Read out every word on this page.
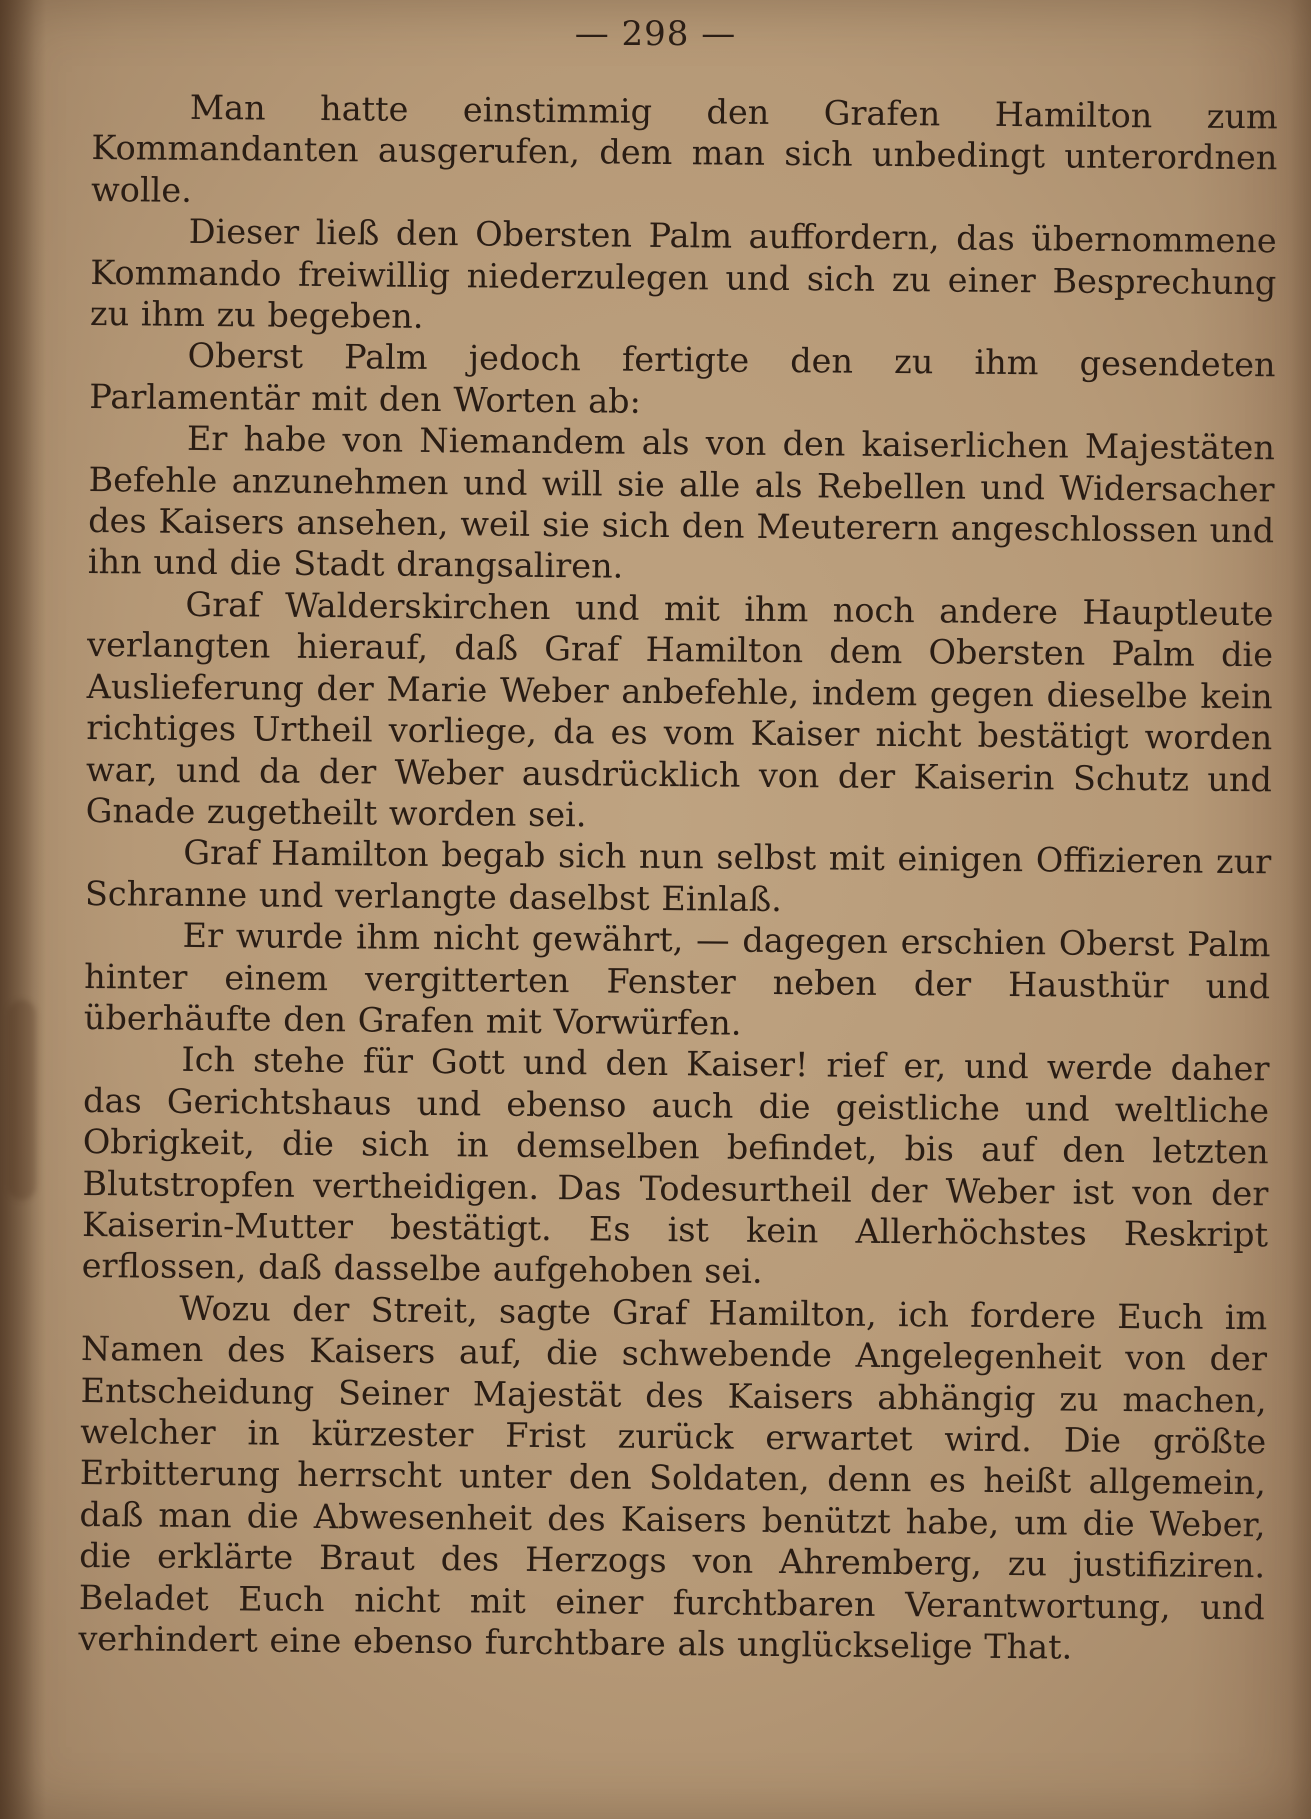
— 298 —

Man hatte einstimmig den Grafen Hamilton zum Kommandanten ausgerufen, dem man sich unbedingt unterordnen wolle.

Dieser ließ den Obersten Palm auffordern, das übernommene Kommando freiwillig niederzulegen und sich zu einer Besprechung zu ihm zu begeben.

Oberst Palm jedoch fertigte den zu ihm gesendeten Parlamentär mit den Worten ab:

Er habe von Niemandem als von den kaiserlichen Majestäten Befehle anzunehmen und will sie alle als Rebellen und Widersacher des Kaisers ansehen, weil sie sich den Meuterern angeschlossen und ihn und die Stadt drangsaliren.

Graf Walderskirchen und mit ihm noch andere Hauptleute verlangten hierauf, daß Graf Hamilton dem Obersten Palm die Auslieferung der Marie Weber anbefehle, indem gegen dieselbe kein richtiges Urtheil vorliege, da es vom Kaiser nicht bestätigt worden war, und da der Weber ausdrücklich von der Kaiserin Schutz und Gnade zugetheilt worden sei.

Graf Hamilton begab sich nun selbst mit einigen Offizieren zur Schranne und verlangte daselbst Einlaß.

Er wurde ihm nicht gewährt, — dagegen erschien Oberst Palm hinter einem vergitterten Fenster neben der Hausthür und überhäufte den Grafen mit Vorwürfen.

Ich stehe für Gott und den Kaiser! rief er, und werde daher das Gerichtshaus und ebenso auch die geistliche und weltliche Obrigkeit, die sich in demselben befindet, bis auf den letzten Blutstropfen vertheidigen. Das Todesurtheil der Weber ist von der Kaiserin-Mutter bestätigt. Es ist kein Allerhöchstes Reskript erflossen, daß dasselbe aufgehoben sei.

Wozu der Streit, sagte Graf Hamilton, ich fordere Euch im Namen des Kaisers auf, die schwebende Angelegenheit von der Entscheidung Seiner Majestät des Kaisers abhängig zu machen, welcher in kürzester Frist zurück erwartet wird. Die größte Erbitterung herrscht unter den Soldaten, denn es heißt allgemein, daß man die Abwesenheit des Kaisers benützt habe, um die Weber, die erklärte Braut des Herzogs von Ahremberg, zu justifiziren. Beladet Euch nicht mit einer furchtbaren Verantwortung, und verhindert eine ebenso furchtbare als unglückselige That.
